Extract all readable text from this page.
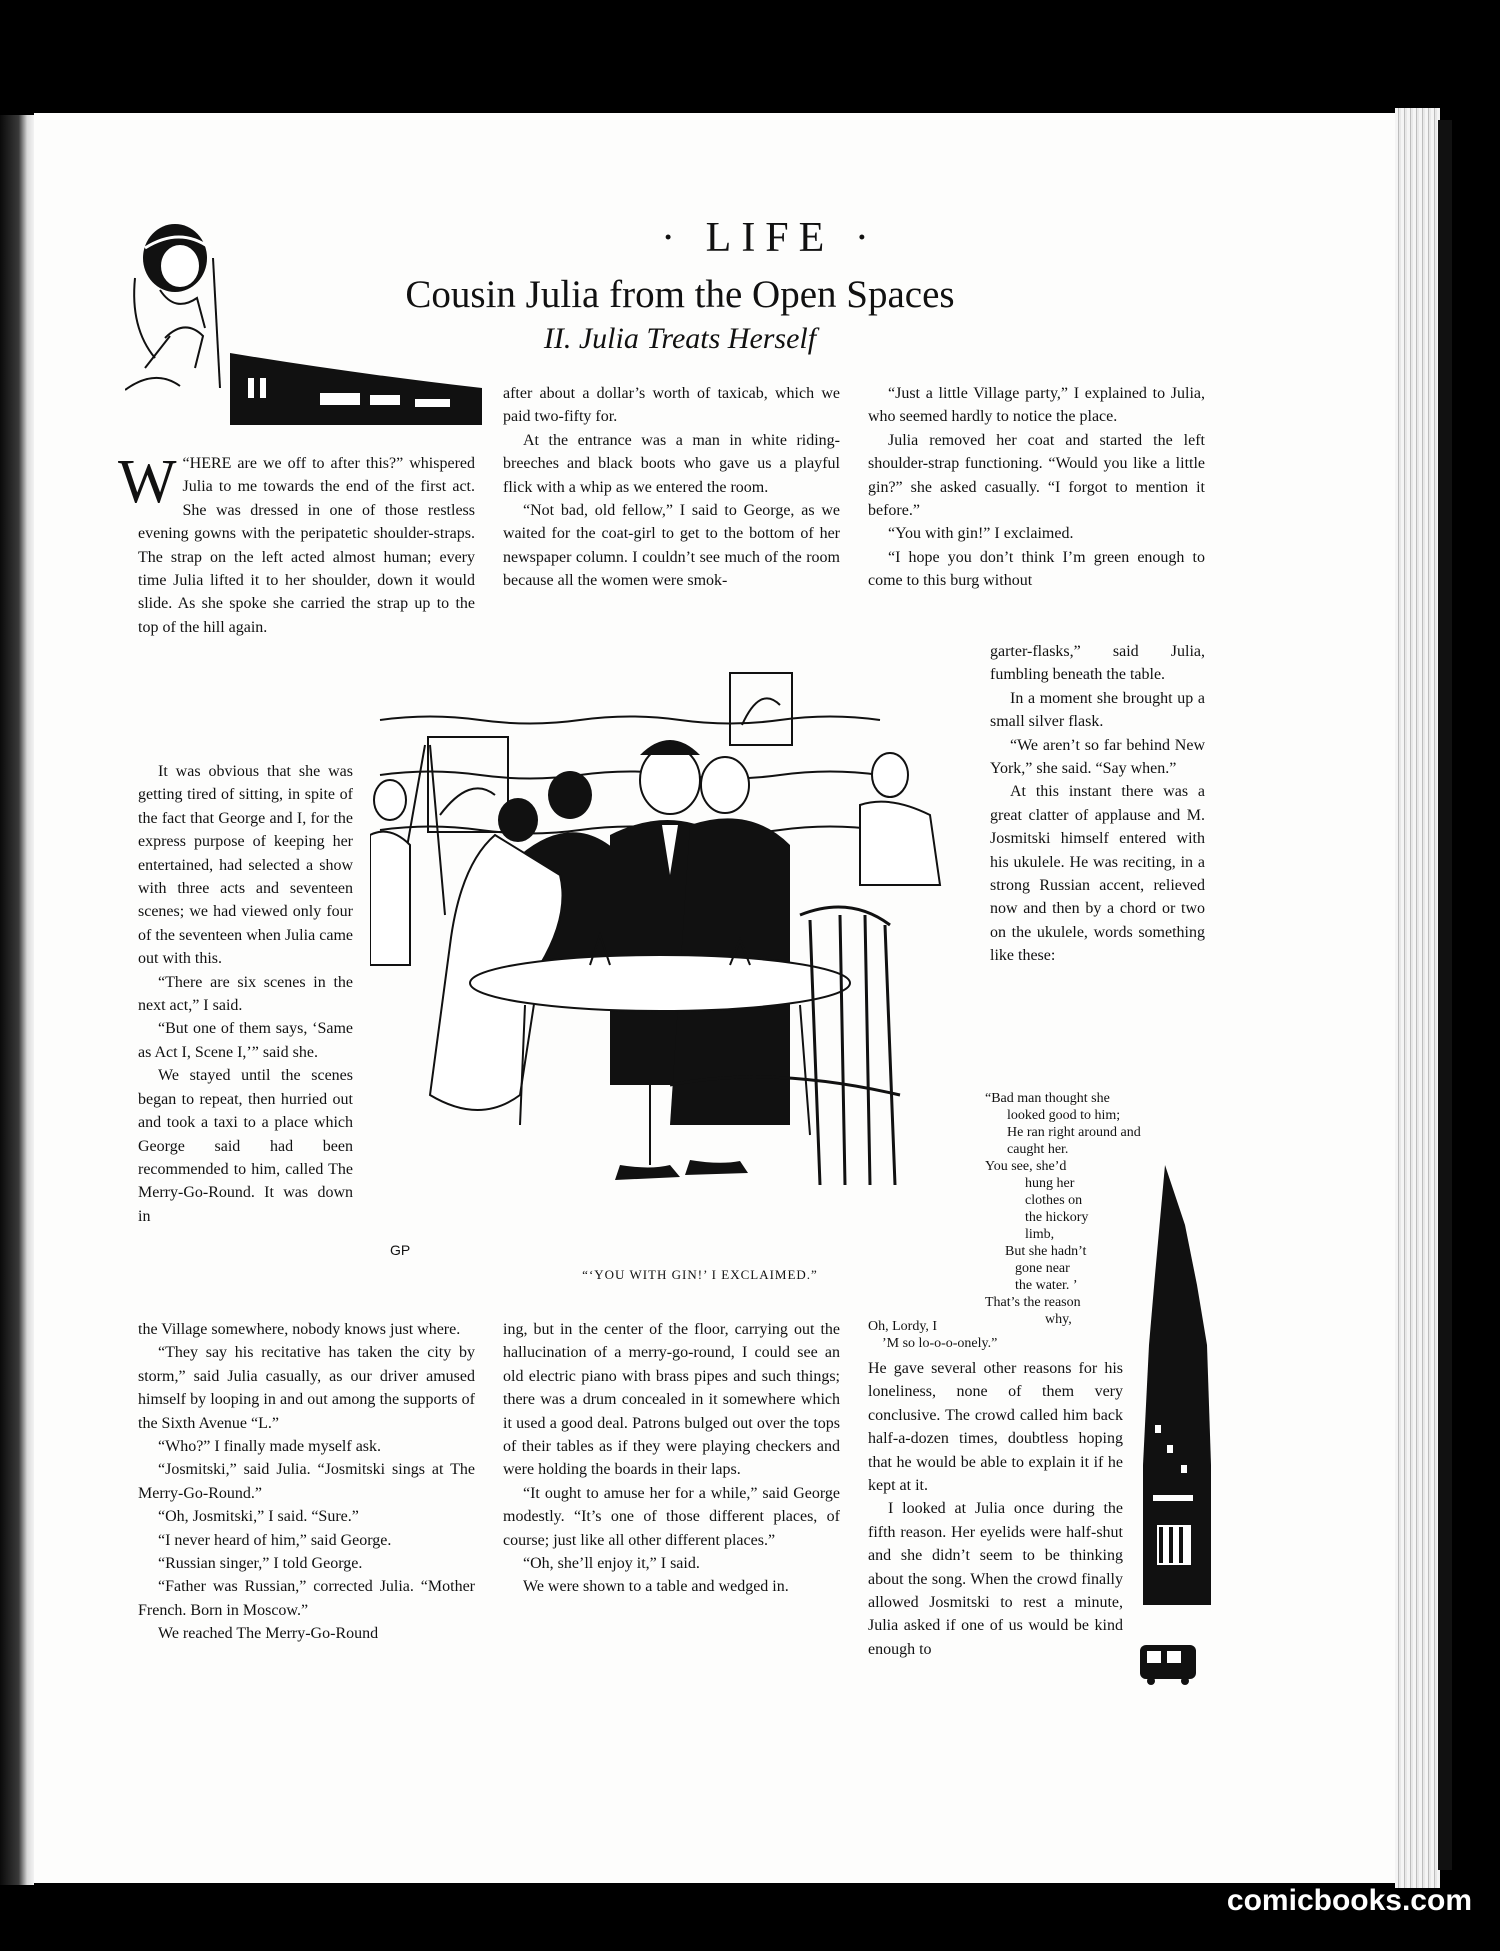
· LIFE ·
Cousin Julia from the Open Spaces
II. Julia Treats Herself

W “HERE are we off to after this?” whispered Julia to me towards the end of the first act. She was dressed in one of those restless evening gowns with the peripatetic shoulder-straps. The strap on the left acted almost human; every time Julia lifted it to her shoulder, down it would slide. As she spoke she carried the strap up to the top of the hill again.

It was obvious that she was getting tired of sitting, in spite of the fact that George and I, for the express purpose of keeping her entertained, had selected a show with three acts and seventeen scenes; we had viewed only four of the seventeen when Julia came out with this.

“There are six scenes in the next act,” I said.

“But one of them says, ‘Same as Act I, Scene I,’” said she.

We stayed until the scenes began to repeat, then hurried out and took a taxi to a place which George said had been recommended to him, called The Merry-Go-Round. It was down in

the Village somewhere, nobody knows just where.

“They say his recitative has taken the city by storm,” said Julia casually, as our driver amused himself by looping in and out among the supports of the Sixth Avenue “L.”

“Who?” I finally made myself ask.

“Josmitski,” said Julia. “Josmitski sings at The Merry-Go-Round.”

“Oh, Josmitski,” I said. “Sure.”

“I never heard of him,” said George.

“Russian singer,” I told George.

“Father was Russian,” corrected Julia. “Mother French. Born in Moscow.”

We reached The Merry-Go-Round

after about a dollar’s worth of taxicab, which we paid two-fifty for.

At the entrance was a man in white riding-breeches and black boots who gave us a playful flick with a whip as we entered the room.

“Not bad, old fellow,” I said to George, as we waited for the coat-girl to get to the bottom of her newspaper column. I couldn’t see much of the room because all the women were smok-

ing, but in the center of the floor, carrying out the hallucination of a merry-go-round, I could see an old electric piano with brass pipes and such things; there was a drum concealed in it somewhere which it used a good deal. Patrons bulged out over the tops of their tables as if they were playing checkers and were holding the boards in their laps.

“It ought to amuse her for a while,” said George modestly. “It’s one of those different places, of course; just like all other different places.”

“Oh, she’ll enjoy it,” I said.

We were shown to a table and wedged in.

“Just a little Village party,” I explained to Julia, who seemed hardly to notice the place.

Julia removed her coat and started the left shoulder-strap functioning. “Would you like a little gin?” she asked casually. “I forgot to mention it before.”

“You with gin!” I exclaimed.

“I hope you don’t think I’m green enough to come to this burg without

garter-flasks,” said Julia, fumbling beneath the table.

In a moment she brought up a small silver flask.

“We aren’t so far behind New York,” she said. “Say when.”

At this instant there was a great clatter of applause and M. Josmitski himself entered with his ukulele. He was reciting, in a strong Russian accent, relieved now and then by a chord or two on the ukulele, words something like these:

“Bad man thought she
looked good to him;
He ran right around and
caught her.
You see, she’d
hung her
clothes on
the hickory
limb,
But she hadn’t
gone near
the water. ’
That’s the reason
why,
Oh, Lordy, I
’M so lo-o-o-onely.”

He gave several other reasons for his loneliness, none of them very conclusive. The crowd called him back half-a-dozen times, doubtless hoping that he would be able to explain it if he kept at it.

I looked at Julia once during the fifth reason. Her eyelids were half-shut and she didn’t seem to be thinking about the song. When the crowd finally allowed Josmitski to rest a minute, Julia asked if one of us would be kind enough to

GP
“‘YOU WITH GIN!’ I EXCLAIMED.”
comicbooks.com
